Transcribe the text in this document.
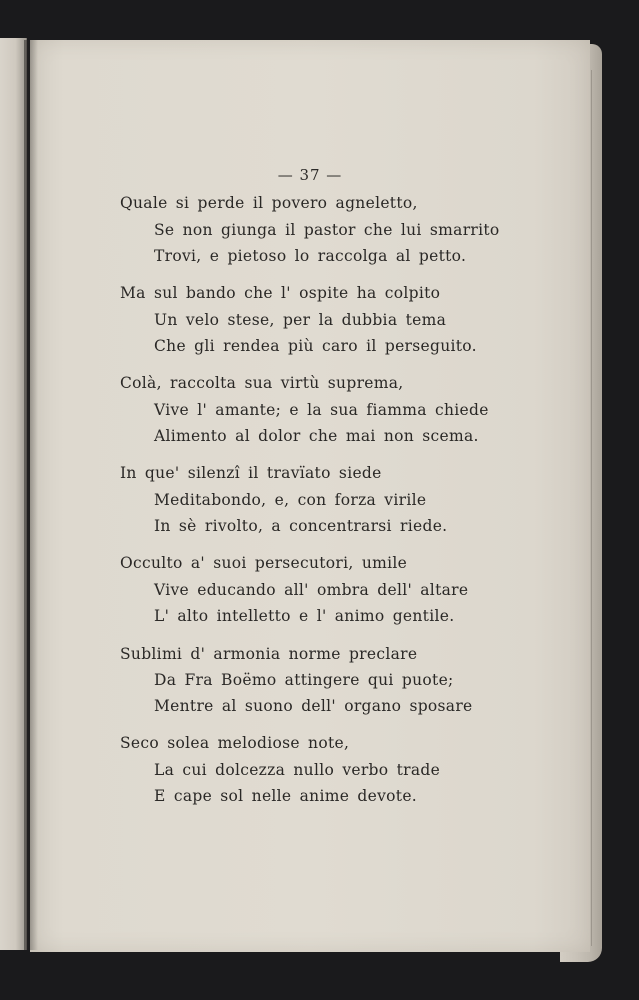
— 37 —
Quale si perde il povero agneletto,
Se non giunga il pastor che lui smarrito
Trovi, e pietoso lo raccolga al petto.
Ma sul bando che l' ospite ha colpito
Un velo stese, per la dubbia tema
Che gli rendea più caro il perseguito.
Colà, raccolta sua virtù suprema,
Vive l' amante; e la sua fiamma chiede
Alimento al dolor che mai non scema.
In que' silenzî il travïato siede
Meditabondo, e, con forza virile
In sè rivolto, a concentrarsi riede.
Occulto a' suoi persecutori, umile
Vive educando all' ombra dell' altare
L' alto intelletto e l' animo gentile.
Sublimi d' armonia norme preclare
Da Fra Boëmo attingere qui puote;
Mentre al suono dell' organo sposare
Seco solea melodiose note,
La cui dolcezza nullo verbo trade
E cape sol nelle anime devote.
